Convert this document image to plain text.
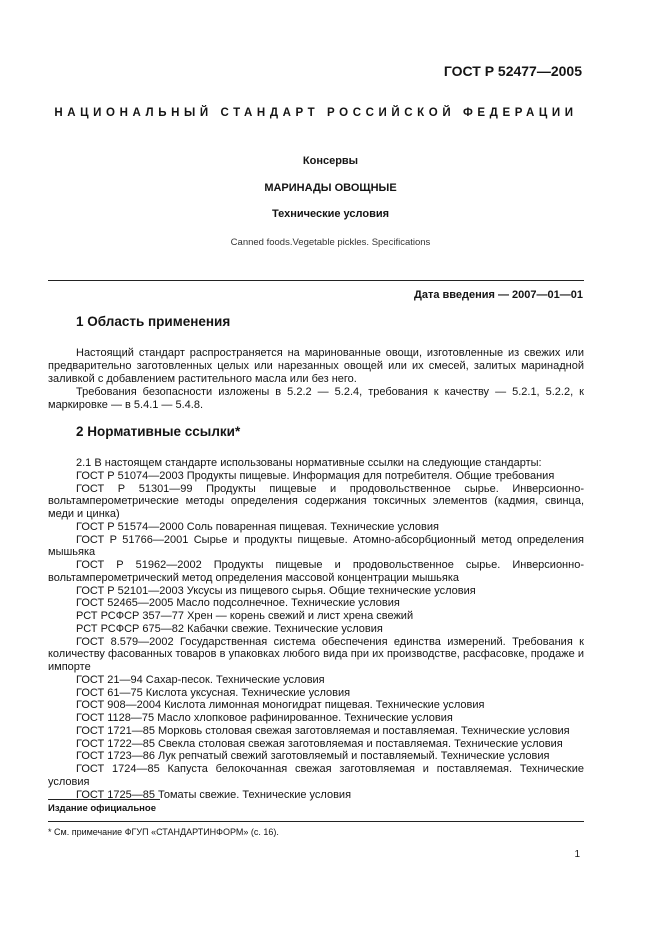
ГОСТ Р 52477—2005
НАЦИОНАЛЬНЫЙ СТАНДАРТ РОССИЙСКОЙ ФЕДЕРАЦИИ
Консервы
МАРИНАДЫ ОВОЩНЫЕ
Технические условия
Canned foods.Vegetable pickles. Specifications
Дата введения — 2007—01—01
1 Область применения

Настоящий стандарт распространяется на маринованные овощи, изготовленные из свежих или предварительно заготовленных целых или нарезанных овощей или их смесей, залитых маринадной заливкой с добавлением растительного масла или без него.

Требования безопасности изложены в 5.2.2 — 5.2.4, требования к качеству — 5.2.1, 5.2.2, к маркировке — в 5.4.1 — 5.4.8.

2 Нормативные ссылки*

2.1 В настоящем стандарте использованы нормативные ссылки на следующие стандарты:

ГОСТ Р 51074—2003 Продукты пищевые. Информация для потребителя. Общие требования

ГОСТ Р 51301—99 Продукты пищевые и продовольственное сырье. Инверсионно-вольтамперометрические методы определения содержания токсичных элементов (кадмия, свинца, меди и цинка)

ГОСТ Р 51574—2000 Соль поваренная пищевая. Технические условия

ГОСТ Р 51766—2001 Сырье и продукты пищевые. Атомно-абсорбционный метод определения мышьяка

ГОСТ Р 51962—2002 Продукты пищевые и продовольственное сырье. Инверсионно-вольтамперометрический метод определения массовой концентрации мышьяка

ГОСТ Р 52101—2003 Уксусы из пищевого сырья. Общие технические условия

ГОСТ 52465—2005 Масло подсолнечное. Технические условия

РСТ РСФСР 357—77 Хрен — корень свежий и лист хрена свежий

РСТ РСФСР 675—82 Кабачки свежие. Технические условия

ГОСТ 8.579—2002 Государственная система обеспечения единства измерений. Требования к количеству фасованных товаров в упаковках любого вида при их производстве, расфасовке, продаже и импорте

ГОСТ 21—94 Сахар-песок. Технические условия

ГОСТ 61—75 Кислота уксусная. Технические условия

ГОСТ 908—2004 Кислота лимонная моногидрат пищевая. Технические условия

ГОСТ 1128—75 Масло хлопковое рафинированное. Технические условия

ГОСТ 1721—85 Морковь столовая свежая заготовляемая и поставляемая. Технические условия

ГОСТ 1722—85 Свекла столовая свежая заготовляемая и поставляемая. Технические условия

ГОСТ 1723—86 Лук репчатый свежий заготовляемый и поставляемый. Технические условия

ГОСТ 1724—85 Капуста белокочанная свежая заготовляемая и поставляемая. Технические условия

ГОСТ 1725—85 Томаты свежие. Технические условия

Издание официальное
* См. примечание ФГУП «СТАНДАРТИНФОРМ» (с. 16).
1
